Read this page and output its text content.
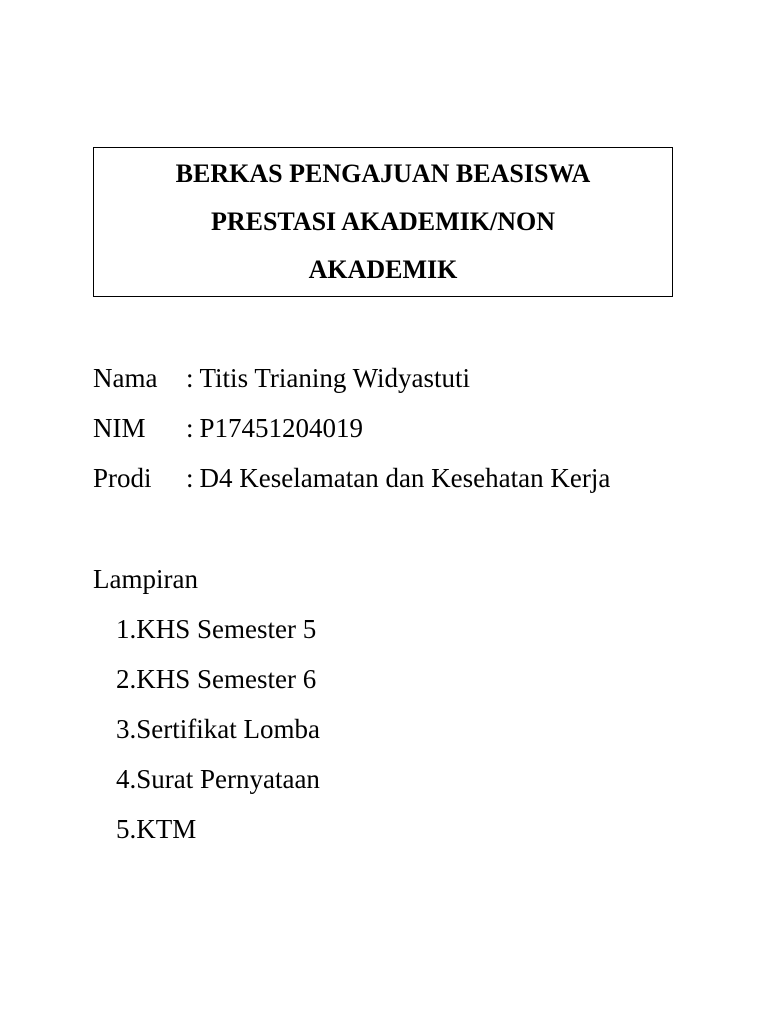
BERKAS PENGAJUAN BEASISWA
PRESTASI AKADEMIK/NON
AKADEMIK
Nama	: Titis Trianing Widyastuti
NIM	: P17451204019
Prodi	: D4 Keselamatan dan Kesehatan Kerja
Lampiran
1.KHS Semester 5
2.KHS Semester 6
3.Sertifikat Lomba
4.Surat Pernyataan
5.KTM
